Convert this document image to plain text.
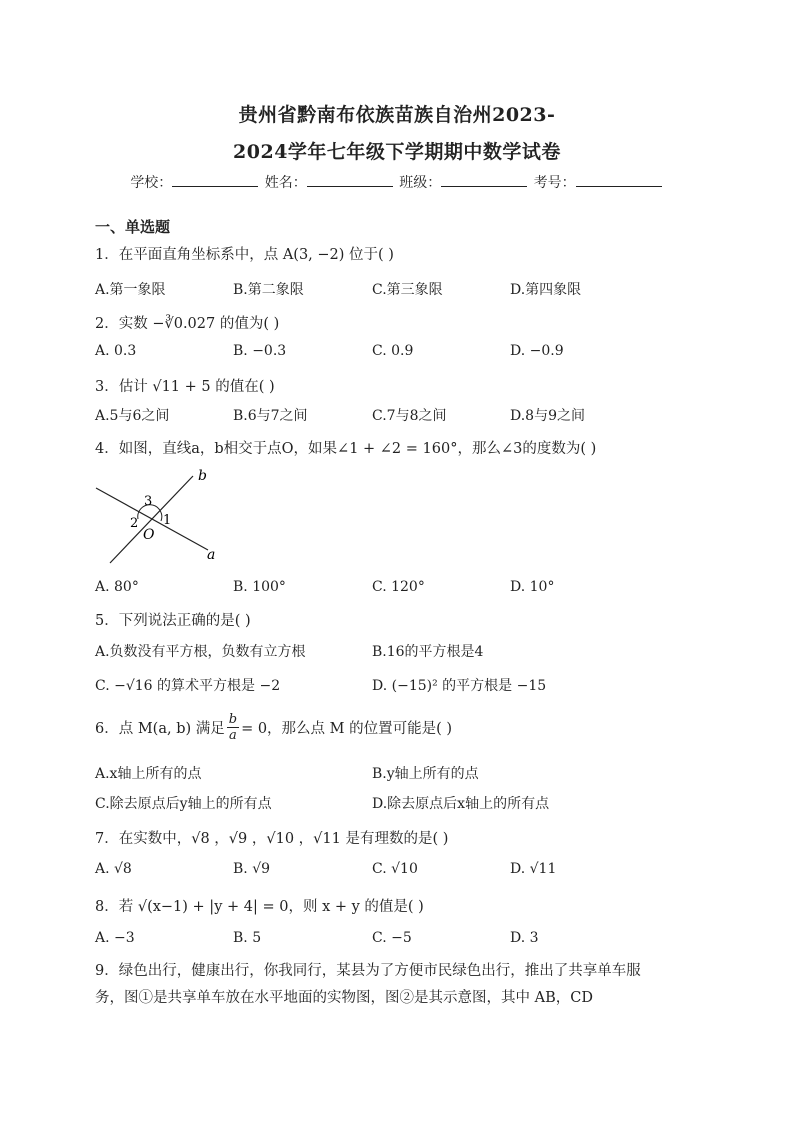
贵州省黔南布依族苗族自治州2023-
2024学年七年级下学期期中数学试卷
学校：	姓名：	班级：	考号：
一、单选题
1．在平面直角坐标系中，点 A(3, −2) 位于( )
A.第一象限	B.第二象限	C.第三象限	D.第四象限
2．实数 −∛0.027 的值为( )
A. 0.3	B. −0.3	C. 0.9	D. −0.9
3．估计 √11 + 5 的值在( )
A.5与6之间	B.6与7之间	C.7与8之间	D.8与9之间
4．如图，直线a，b相交于点O，如果∠1 + ∠2 = 160°，那么∠3的度数为( )
b
a
O
1
2
3
A. 80°	B. 100°	C. 120°	D. 10°
5．下列说法正确的是( )
A.负数没有平方根，负数有立方根	B.16的平方根是4
C. −√16 的算术平方根是 −2	D. (−15)² 的平方根是 −15
6．点 M(a, b) 满足 $\frac{b}{a} = 0$，那么点 M 的位置可能是( )
A.x轴上所有的点	B.y轴上所有的点
C.除去原点后y轴上的所有点	D.除去原点后x轴上的所有点
7．在实数中，√8 ，√9 ，√10 ，√11 是有理数的是( )
A. √8	B. √9	C. √10	D. √11
8．若 √(x−1) + |y + 4| = 0，则 x + y 的值是( )
A. −3	B. 5	C. −5	D. 3
9．绿色出行，健康出行，你我同行，某县为了方便市民绿色出行，推出了共享单车服
务，图①是共享单车放在水平地面的实物图，图②是其示意图，其中 AB，CD
